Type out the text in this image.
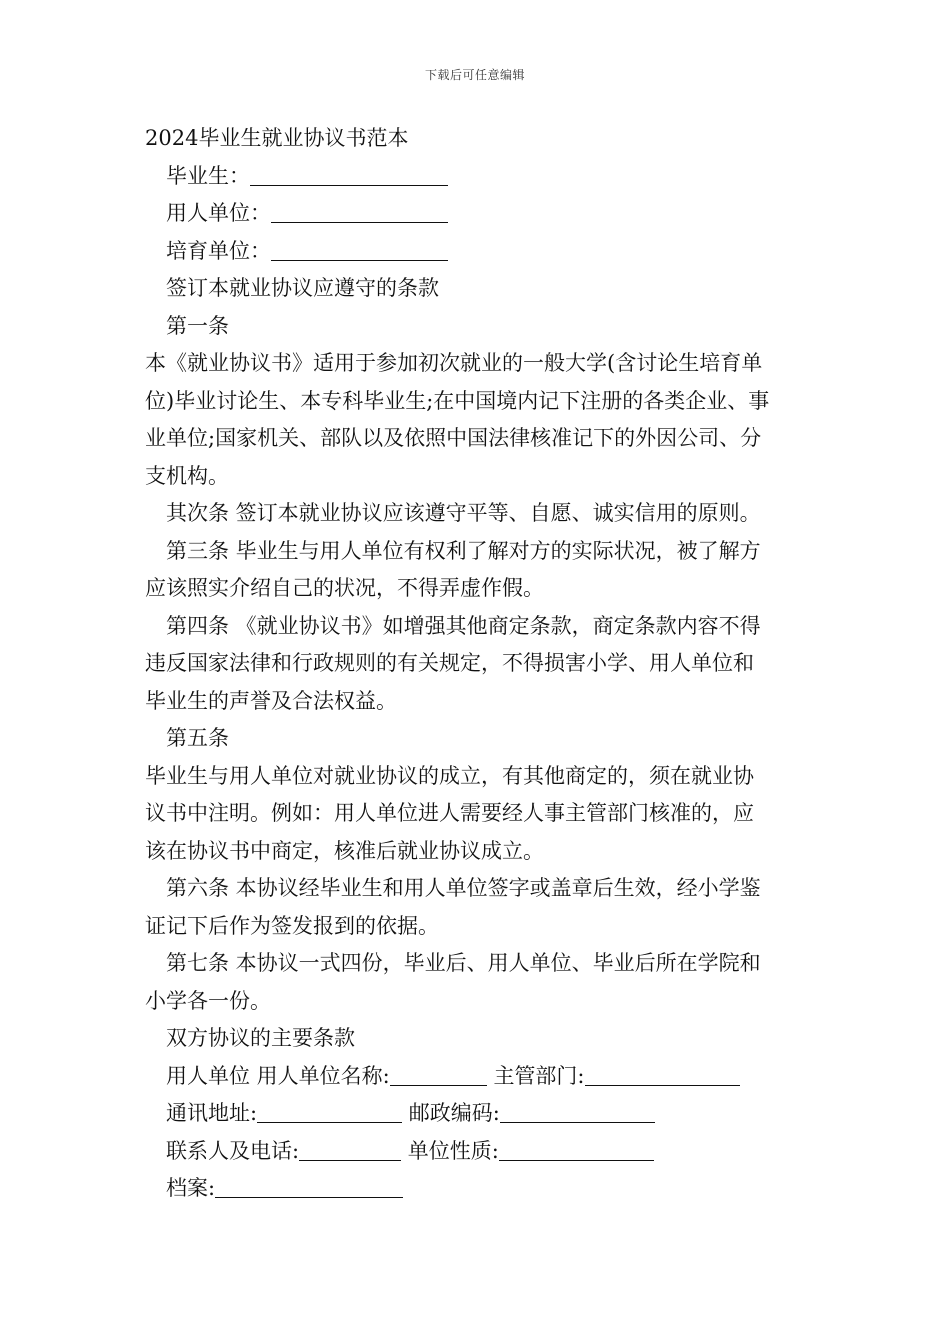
下载后可任意编辑
2024毕业生就业协议书范本
毕业生：
用人单位：
培育单位：
签订本就业协议应遵守的条款
第一条
本《就业协议书》适用于参加初次就业的一般大学(含讨论生培育单
位)毕业讨论生、本专科毕业生;在中国境内记下注册的各类企业、事
业单位;国家机关、部队以及依照中国法律核准记下的外因公司、分
支机构。
其次条 签订本就业协议应该遵守平等、自愿、诚实信用的原则。
第三条 毕业生与用人单位有权利了解对方的实际状况，被了解方
应该照实介绍自己的状况，不得弄虚作假。
第四条 《就业协议书》如增强其他商定条款，商定条款内容不得
违反国家法律和行政规则的有关规定，不得损害小学、用人单位和
毕业生的声誉及合法权益。
第五条
毕业生与用人单位对就业协议的成立，有其他商定的，须在就业协
议书中注明。例如：用人单位进人需要经人事主管部门核准的，应
该在协议书中商定，核准后就业协议成立。
第六条 本协议经毕业生和用人单位签字或盖章后生效，经小学鉴
证记下后作为签发报到的依据。
第七条 本协议一式四份，毕业后、用人单位、毕业后所在学院和
小学各一份。
双方协议的主要条款
用人单位 用人单位名称:	主管部门:
通讯地址:	邮政编码:
联系人及电话:	单位性质:
档案:
